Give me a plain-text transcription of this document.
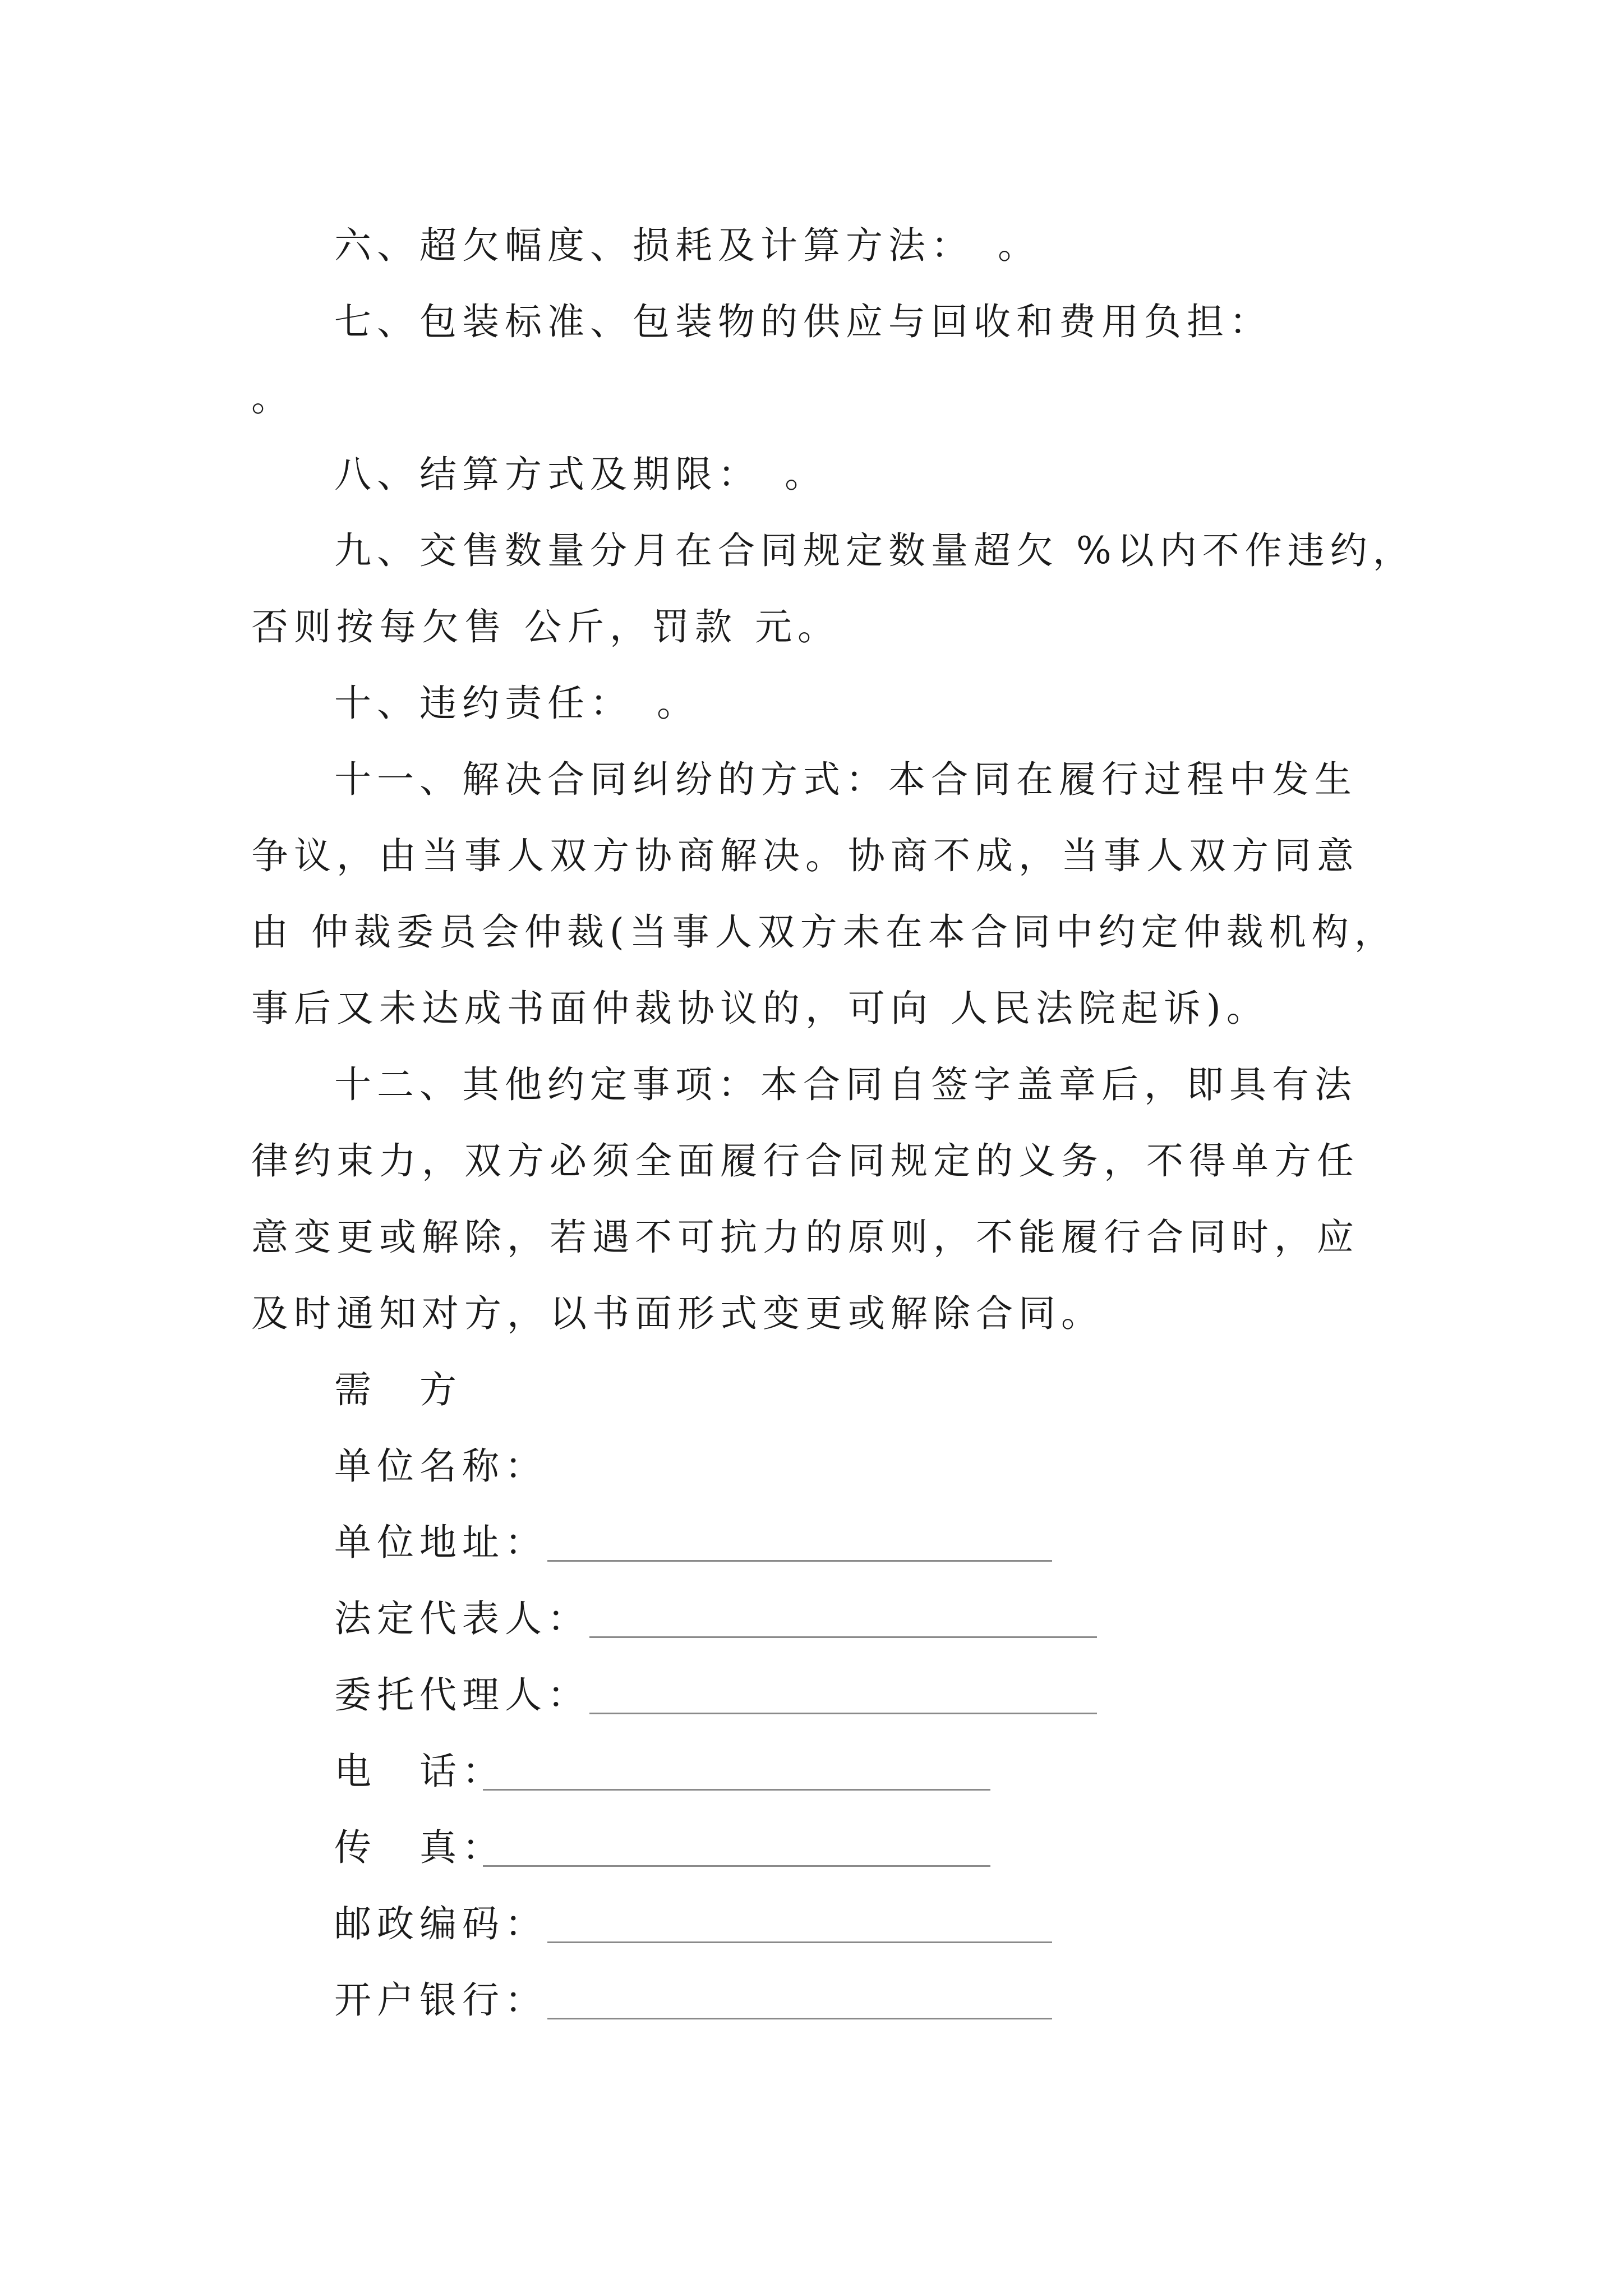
六、超欠幅度、损耗及计算方法：　。

七、包装标准、包装物的供应与回收和费用负担：

。

八、结算方式及期限：　。

九、交售数量分月在合同规定数量超欠 %以内不作违约，

否则按每欠售 公斤，罚款 元。

十、违约责任：　。

十一、解决合同纠纷的方式：本合同在履行过程中发生

争议，由当事人双方协商解决。协商不成，当事人双方同意

由 仲裁委员会仲裁(当事人双方未在本合同中约定仲裁机构，

事后又未达成书面仲裁协议的，可向 人民法院起诉)。

十二、其他约定事项：本合同自签字盖章后，即具有法

律约束力，双方必须全面履行合同规定的义务，不得单方任

意变更或解除，若遇不可抗力的原则，不能履行合同时，应

及时通知对方，以书面形式变更或解除合同。

需　方
单位名称：
单位地址：
法定代表人：
委托代理人：
电　话：
传　真：
邮政编码：
开户银行：
